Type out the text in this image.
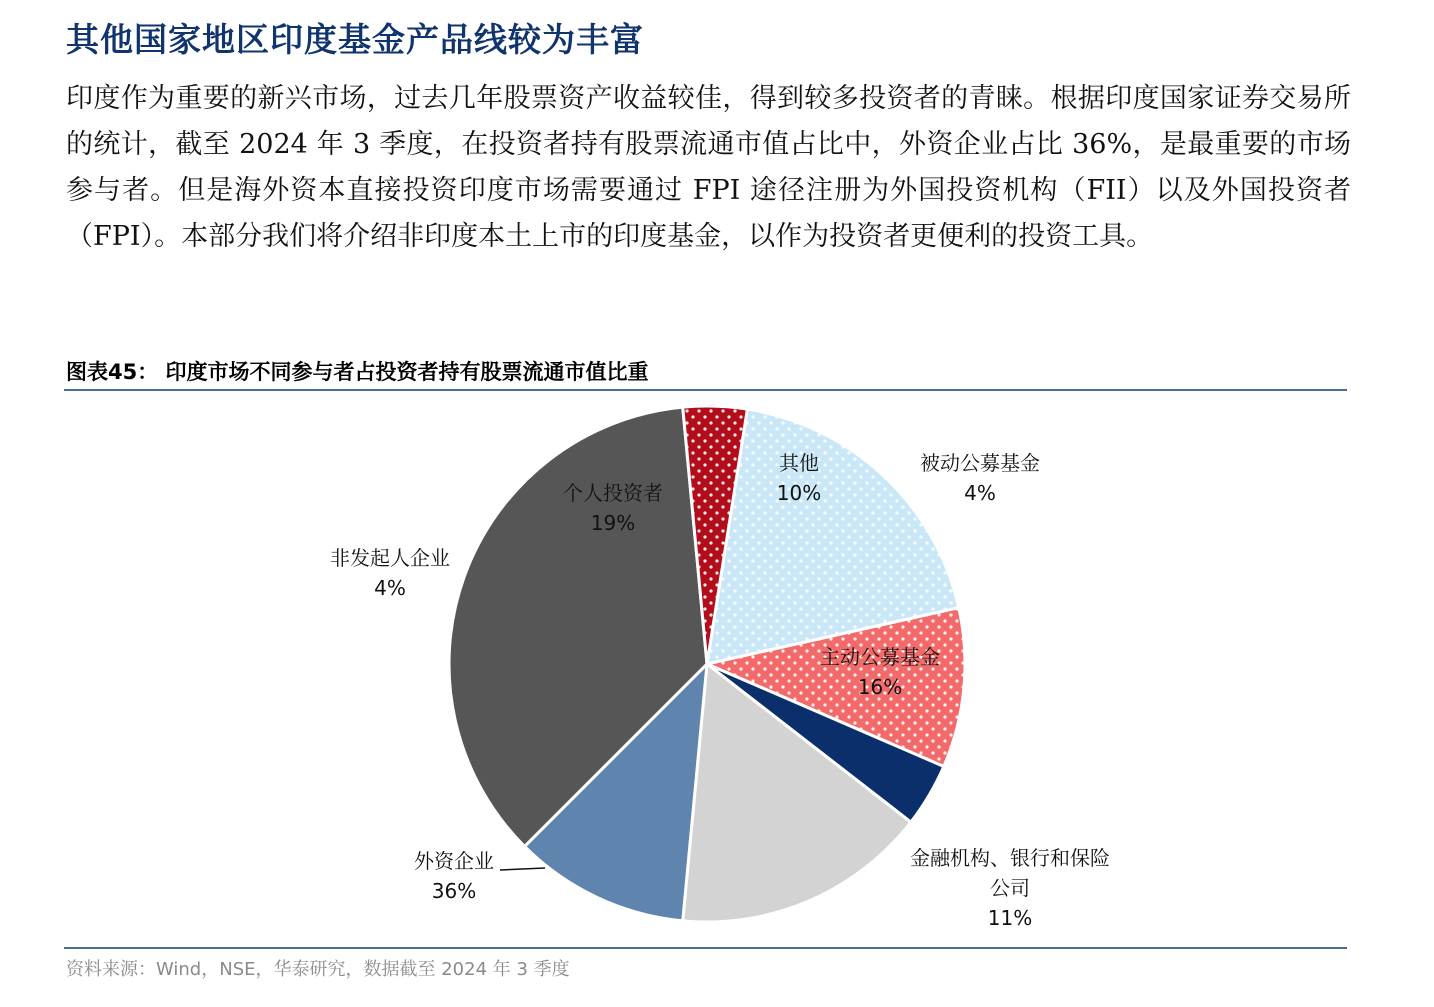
其他国家地区印度基金产品线较为丰富
印度作为重要的新兴市场，过去几年股票资产收益较佳，得到较多投资者的青睐。根据印度国家证券交易所的统计，截至 2024 年 3 季度，在投资者持有股票流通市值占比中，外资企业占比 36%，是最重要的市场参与者。但是海外资本直接投资印度市场需要通过 FPI 途径注册为外国投资机构（FII）以及外国投资者（FPI）。本部分我们将介绍非印度本土上市的印度基金，以作为投资者更便利的投资工具。
图表45： 印度市场不同参与者占投资者持有股票流通市值比重
个人投资者
19%
其他
10%
被动公募基金
4%
主动公募基金
16%
金融机构、银行和保险
公司
11%
外资企业
36%
非发起人企业
4%
资料来源：Wind，NSE，华泰研究，数据截至 2024 年 3 季度
